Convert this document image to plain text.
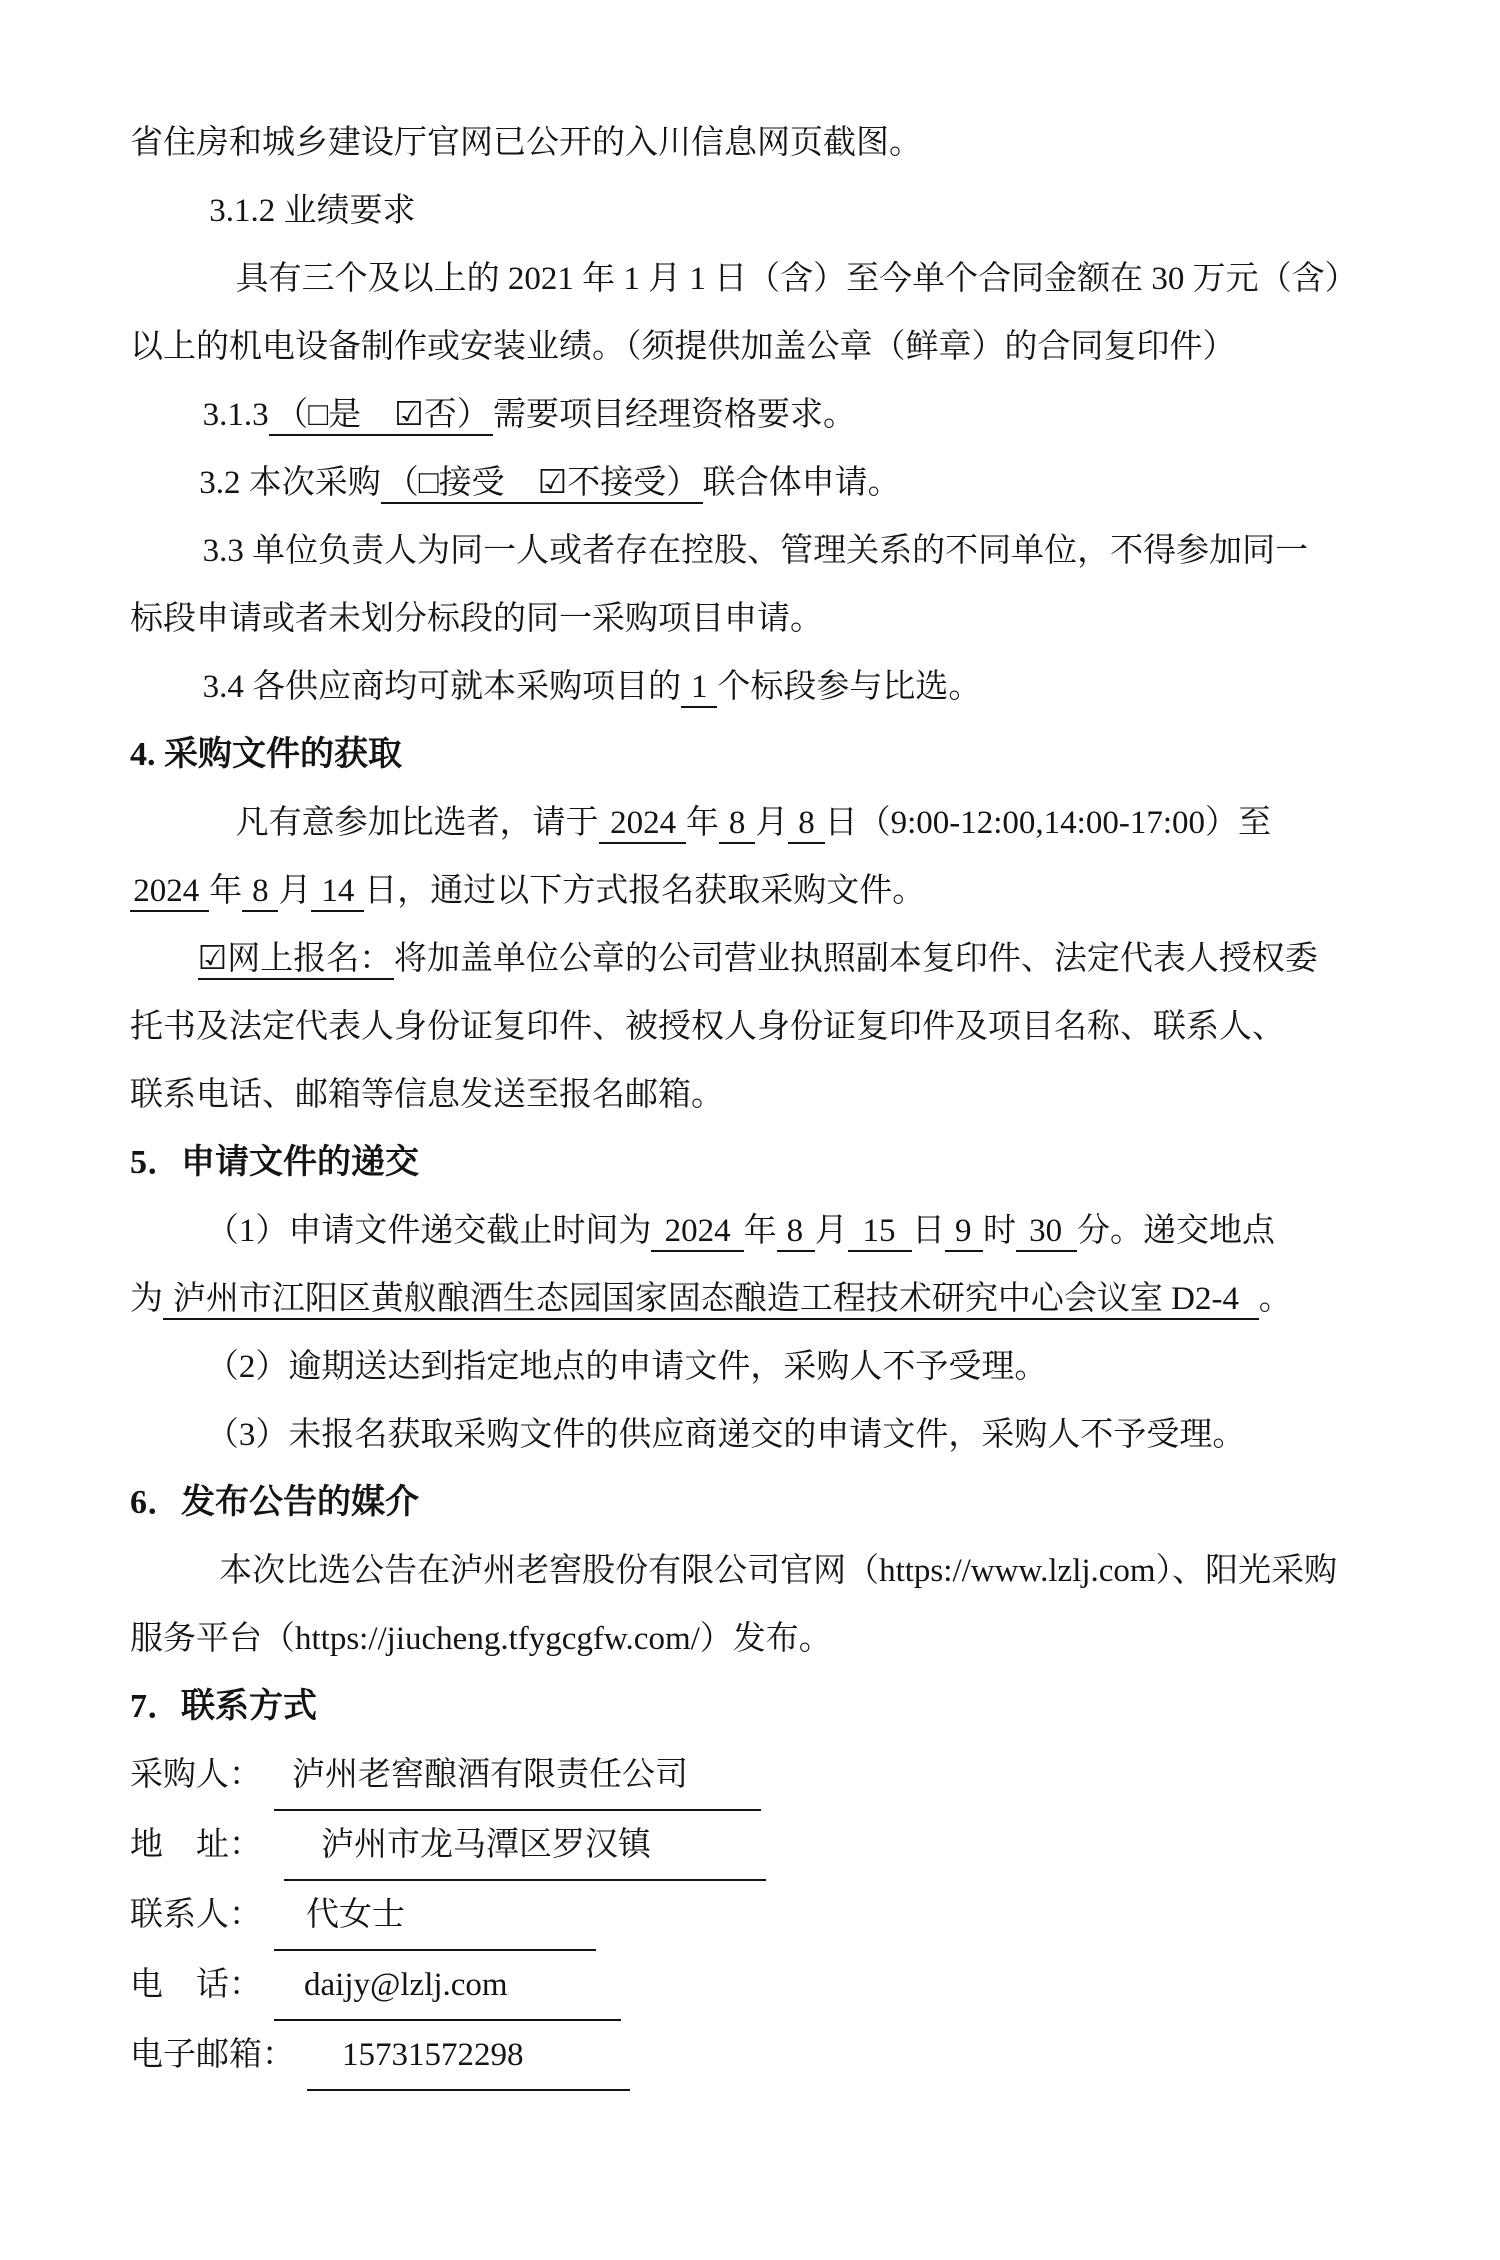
省住房和城乡建设厅官网已公开的入川信息网页截图。

3.1.2 业绩要求

具有三个及以上的 2021 年 1 月 1 日（含）至今单个合同金额在 30 万元（含）

以上的机电设备制作或安装业绩。（须提供加盖公章（鲜章）的合同复印件）

3.1.3 （□是　☑否）需要项目经理资格要求。

3.2 本次采购 （□接受　☑不接受）联合体申请。

3.3 单位负责人为同一人或者存在控股、管理关系的不同单位，不得参加同一

标段申请或者未划分标段的同一采购项目申请。

3.4 各供应商均可就本采购项目的 1 个标段参与比选。

4. 采购文件的获取

凡有意参加比选者，请于 2024 年 8 月 8 日（9:00-12:00,14:00-17:00）至

2024 年 8 月 14 日，通过以下方式报名获取采购文件。

☑网上报名：将加盖单位公章的公司营业执照副本复印件、法定代表人授权委

托书及法定代表人身份证复印件、被授权人身份证复印件及项目名称、联系人、

联系电话、邮箱等信息发送至报名邮箱。

5．申请文件的递交

（1）申请文件递交截止时间为 2024 年 8 月 15 日 9 时 30 分。递交地点

为 泸州市江阳区黄舣酿酒生态园国家固态酿造工程技术研究中心会议室 D2-4 。

（2）逾期送达到指定地点的申请文件，采购人不予受理。

（3）未报名获取采购文件的供应商递交的申请文件，采购人不予受理。

6．发布公告的媒介

本次比选公告在泸州老窖股份有限公司官网（https://www.lzlj.com）、阳光采购

服务平台（https://jiucheng.tfygcgfw.com/）发布。

7．联系方式

采购人： 泸州老窖酿酒有限责任公司

地　址： 泸州市龙马潭区罗汉镇

联系人： 代女士

电　话： daijy@lzlj.com

电子邮箱： 15731572298
